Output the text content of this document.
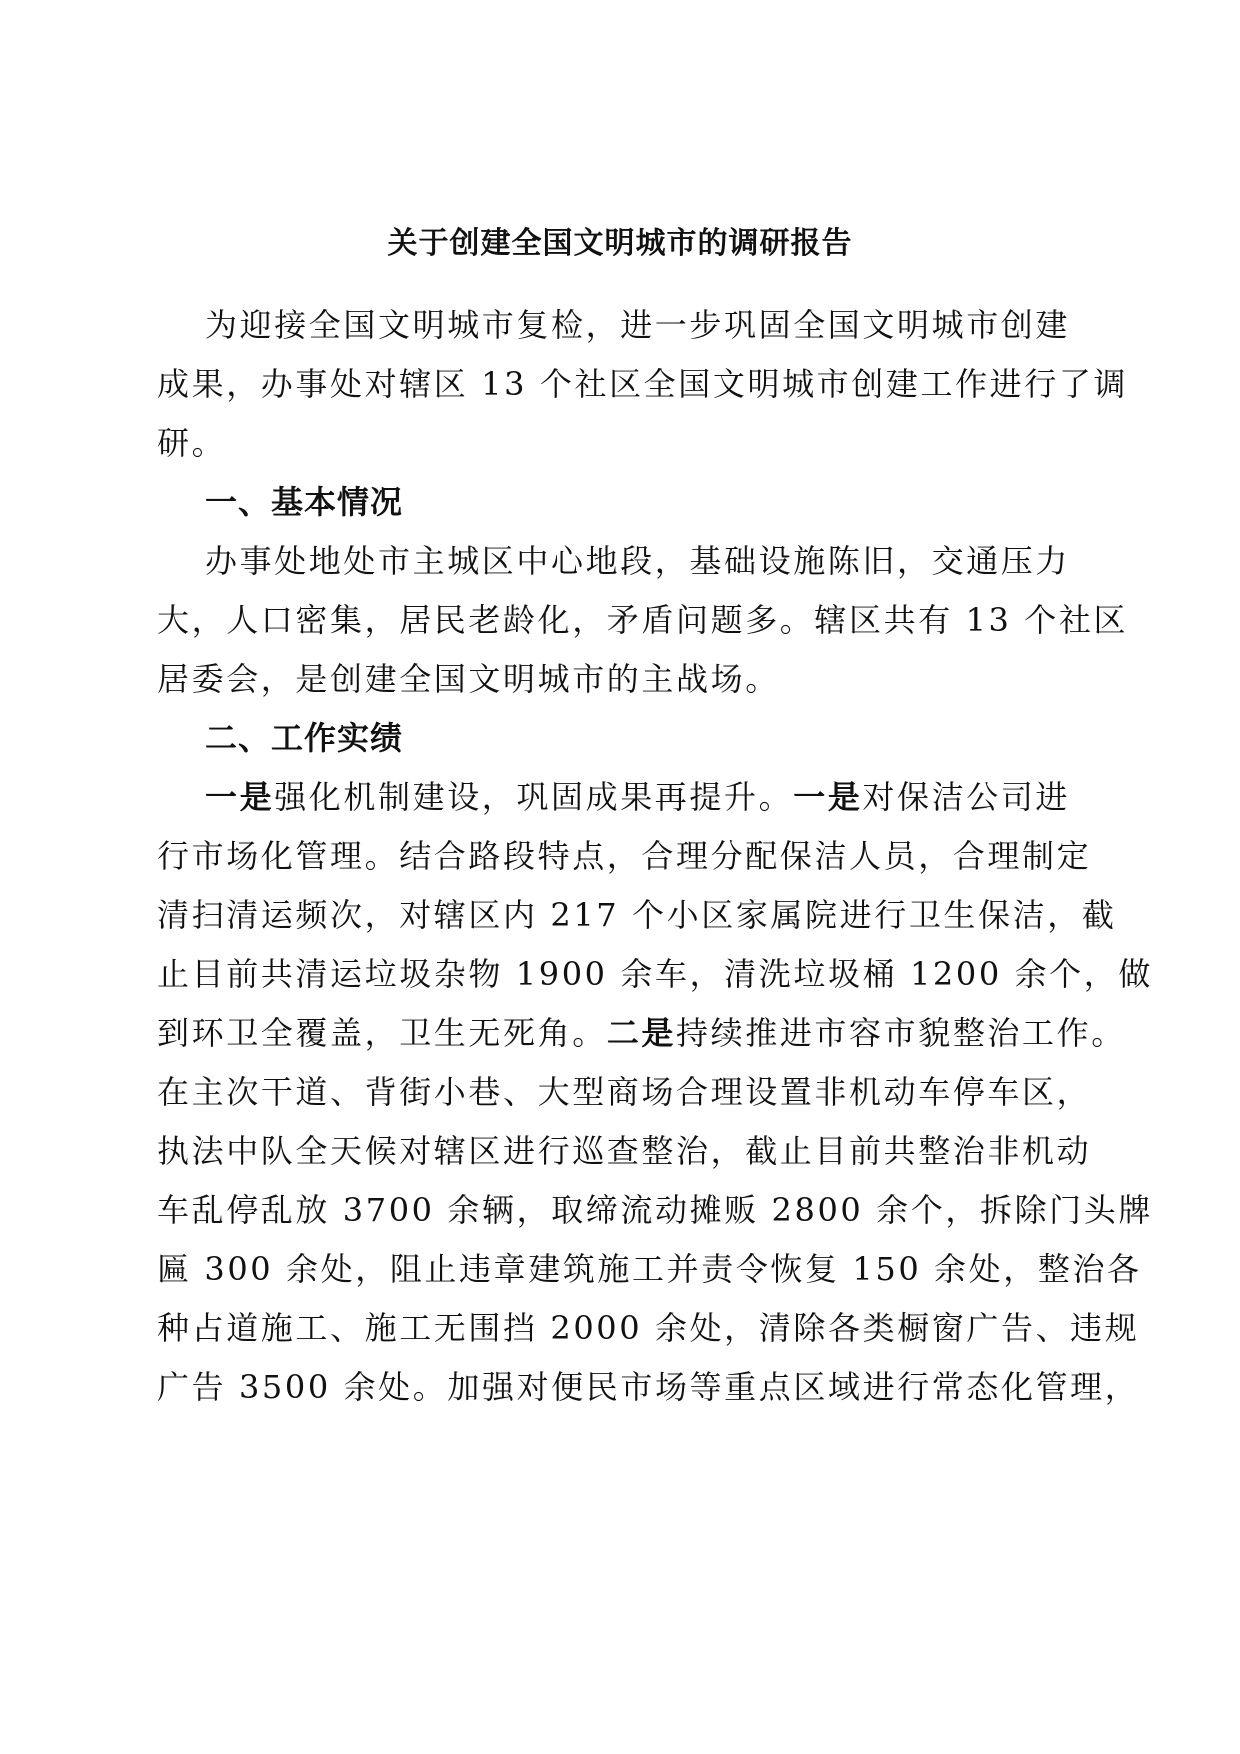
关于创建全国文明城市的调研报告

为迎接全国文明城市复检，进一步巩固全国文明城市创建

成果，办事处对辖区 13 个社区全国文明城市创建工作进行了调

研。

一、基本情况

办事处地处市主城区中心地段，基础设施陈旧，交通压力

大，人口密集，居民老龄化，矛盾问题多。辖区共有 13 个社区

居委会，是创建全国文明城市的主战场。

二、工作实绩

一是强化机制建设，巩固成果再提升。一是对保洁公司进

行市场化管理。结合路段特点，合理分配保洁人员，合理制定

清扫清运频次，对辖区内 217 个小区家属院进行卫生保洁，截

止目前共清运垃圾杂物 1900 余车，清洗垃圾桶 1200 余个，做

到环卫全覆盖，卫生无死角。二是持续推进市容市貌整治工作。

在主次干道、背街小巷、大型商场合理设置非机动车停车区，

执法中队全天候对辖区进行巡查整治，截止目前共整治非机动

车乱停乱放 3700 余辆，取缔流动摊贩 2800 余个，拆除门头牌

匾 300 余处，阻止违章建筑施工并责令恢复 150 余处，整治各

种占道施工、施工无围挡 2000 余处，清除各类橱窗广告、违规

广告 3500 余处。加强对便民市场等重点区域进行常态化管理，
